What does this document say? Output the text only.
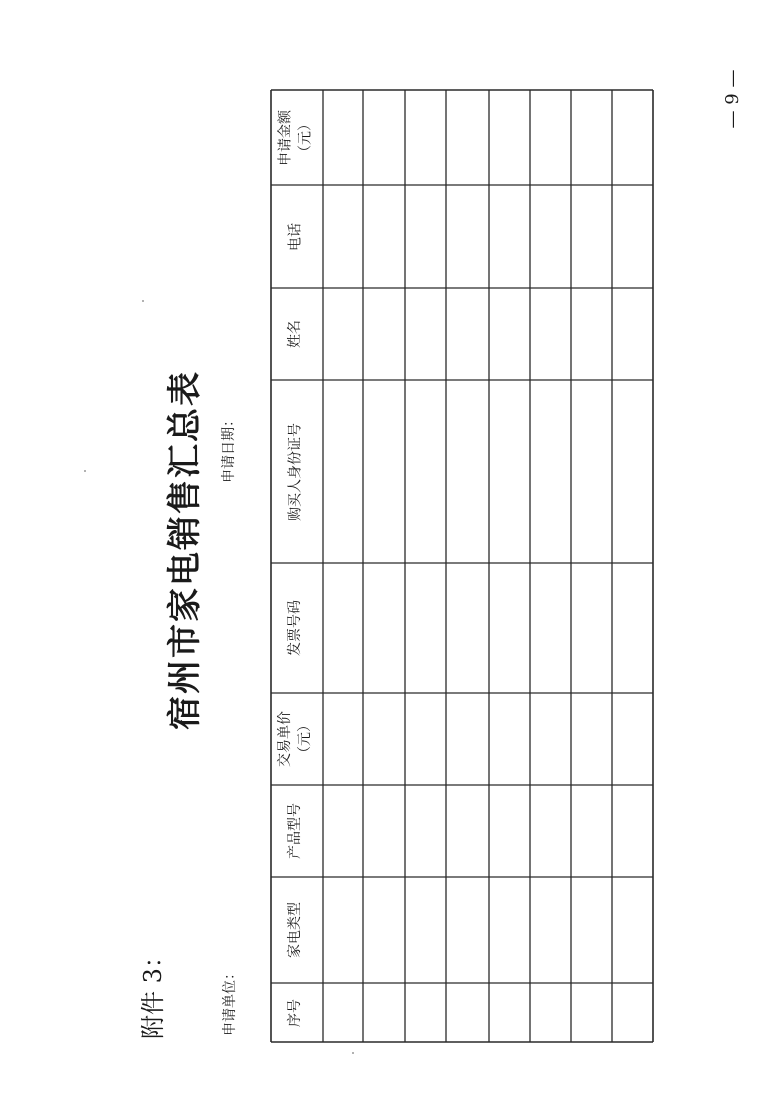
附件 3：
宿州市家电销售汇总表
申请单位：
申请日期：
— 9 —
序号
家电类型
产品型号
交易单价 （元）
发票号码
购买人身份证号
姓名
电话
申请金额 （元）
